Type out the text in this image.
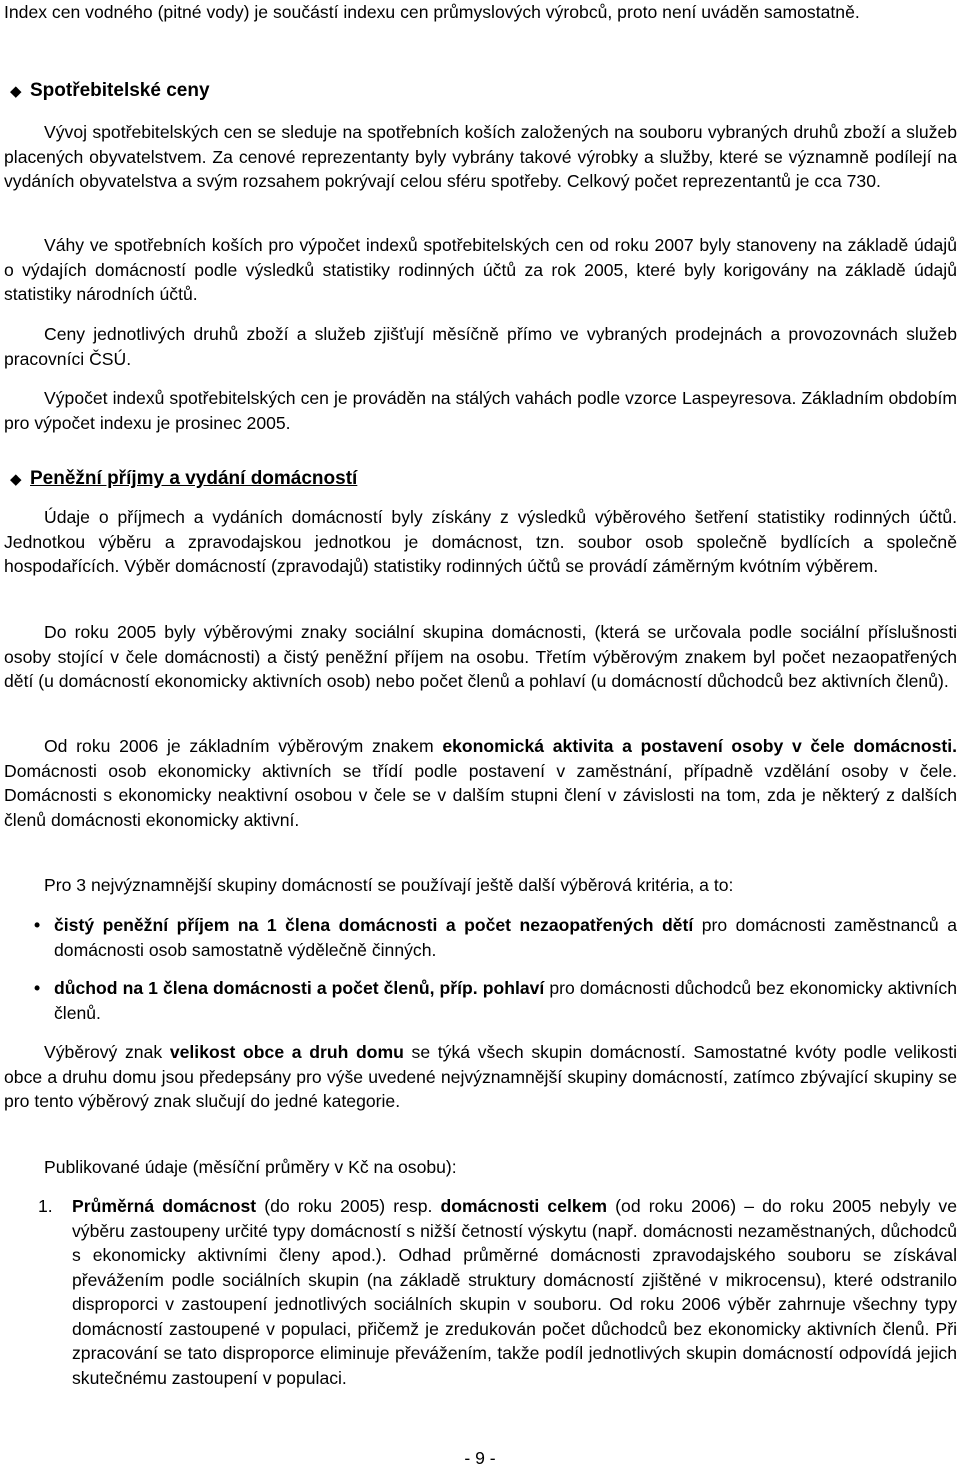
Index cen vodného (pitné vody) je součástí indexu cen průmyslových výrobců, proto není uváděn samostatně.

◆ Spotřebitelské ceny

Vývoj spotřebitelských cen se sleduje na spotřebních koších založených na souboru vybraných druhů zboží a služeb placených obyvatelstvem. Za cenové reprezentanty byly vybrány takové výrobky a služby, které se významně podílejí na vydáních obyvatelstva a svým rozsahem pokrývají celou sféru spotřeby. Celkový počet reprezentantů je cca 730.

Váhy ve spotřebních koších pro výpočet indexů spotřebitelských cen od roku 2007 byly stanoveny na základě údajů o výdajích domácností podle výsledků statistiky rodinných účtů za rok 2005, které byly korigovány na základě údajů statistiky národních účtů.

Ceny jednotlivých druhů zboží a služeb zjišťují měsíčně přímo ve vybraných prodejnách a provozovnách služeb pracovníci ČSÚ.

Výpočet indexů spotřebitelských cen je prováděn na stálých vahách podle vzorce Laspeyresova. Základním obdobím pro výpočet indexu je prosinec 2005.

◆ Peněžní příjmy a vydání domácností

Údaje o příjmech a vydáních domácností byly získány z výsledků výběrového šetření statistiky rodinných účtů. Jednotkou výběru a zpravodajskou jednotkou je domácnost, tzn. soubor osob společně bydlících a společně hospodařících. Výběr domácností (zpravodajů) statistiky rodinných účtů se provádí záměrným kvótním výběrem.

Do roku 2005 byly výběrovými znaky sociální skupina domácnosti, (která se určovala podle sociální příslušnosti osoby stojící v čele domácnosti) a čistý peněžní příjem na osobu. Třetím výběrovým znakem byl počet nezaopatřených dětí (u domácností ekonomicky aktivních osob) nebo počet členů a pohlaví (u domácností důchodců bez aktivních členů).

Od roku 2006 je základním výběrovým znakem ekonomická aktivita a postavení osoby v čele domácnosti. Domácnosti osob ekonomicky aktivních se třídí podle postavení v zaměstnání, případně vzdělání osoby v čele. Domácnosti s ekonomicky neaktivní osobou v čele se v dalším stupni člení v závislosti na tom, zda je některý z dalších členů domácnosti ekonomicky aktivní.

Pro 3 nejvýznamnější skupiny domácností se používají ještě další výběrová kritéria, a to:

• čistý peněžní příjem na 1 člena domácnosti a počet nezaopatřených dětí pro domácnosti zaměstnanců a domácnosti osob samostatně výdělečně činných.
• důchod na 1 člena domácnosti a počet členů, příp. pohlaví pro domácnosti důchodců bez ekonomicky aktivních členů.

Výběrový znak velikost obce a druh domu se týká všech skupin domácností. Samostatné kvóty podle velikosti obce a druhu domu jsou předepsány pro výše uvedené nejvýznamnější skupiny domácností, zatímco zbývající skupiny se pro tento výběrový znak slučují do jedné kategorie.

Publikované údaje (měsíční průměry v Kč na osobu):

1. Průměrná domácnost (do roku 2005) resp. domácnosti celkem (od roku 2006) – do roku 2005 nebyly ve výběru zastoupeny určité typy domácností s nižší četností výskytu (např. domácnosti nezaměstnaných, důchodců s ekonomicky aktivními členy apod.). Odhad průměrné domácnosti zpravodajského souboru se získával převážením podle sociálních skupin (na základě struktury domácností zjištěné v mikrocensu), které odstranilo disproporci v zastoupení jednotlivých sociálních skupin v souboru. Od roku 2006 výběr zahrnuje všechny typy domácností zastoupené v populaci, přičemž je zredukován počet důchodců bez ekonomicky aktivních členů. Při zpracování se tato disproporce eliminuje převážením, takže podíl jednotlivých skupin domácností odpovídá jejich skutečnému zastoupení v populaci.
- 9 -
